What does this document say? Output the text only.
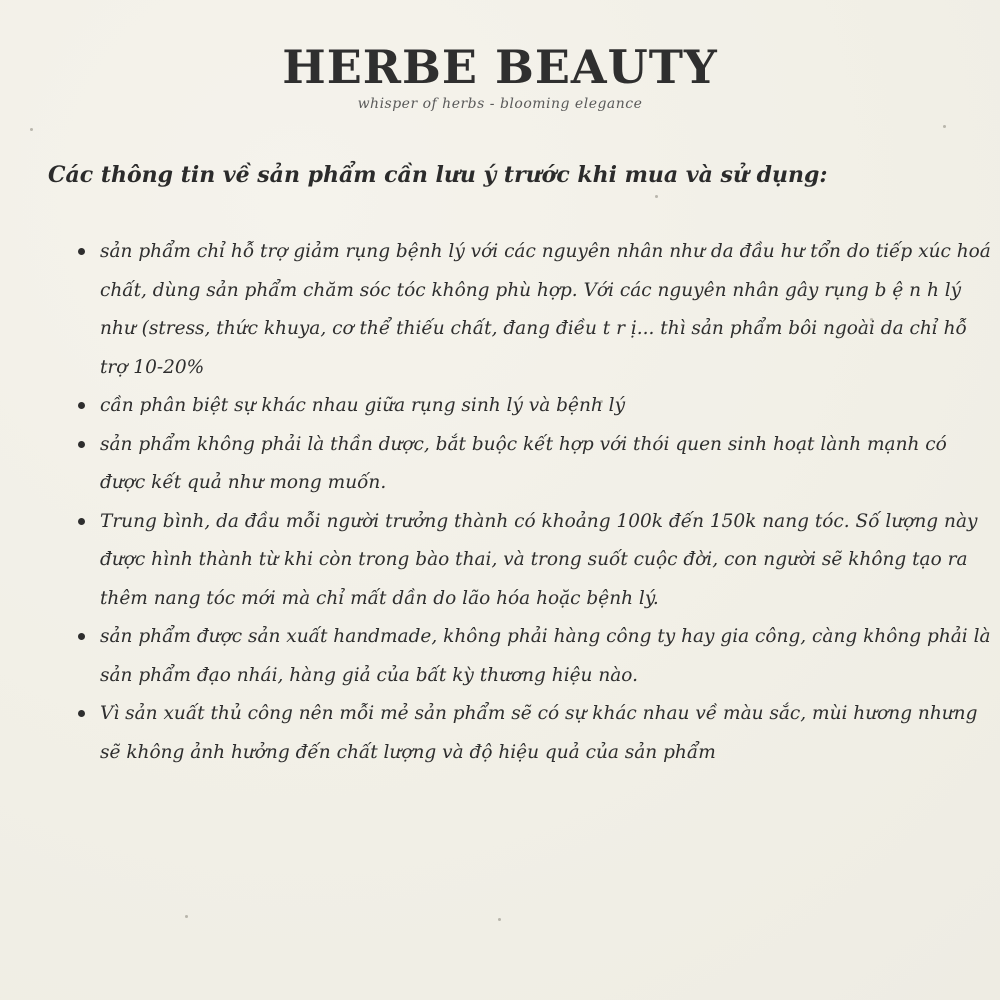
HERBE BEAUTY
whisper of herbs - blooming elegance
Các thông tin về sản phẩm cần lưu ý trước khi mua và sử dụng:
sản phẩm chỉ hỗ trợ giảm rụng bệnh lý với các nguyên nhân như da đầu hư tổn do tiếp xúc hoá chất, dùng sản phẩm chăm sóc tóc không phù hợp. Với các nguyên nhân gây rụng b ệ n h lý như (stress, thức khuya, cơ thể thiếu chất, đang điều t r ị... thì sản phẩm bôi ngoài da chỉ hỗ trợ 10-20%
cần phân biệt sự khác nhau giữa rụng sinh lý và bệnh lý
sản phẩm không phải là thần dược, bắt buộc kết hợp với thói quen sinh hoạt lành mạnh có được kết quả như mong muốn.
Trung bình, da đầu mỗi người trưởng thành có khoảng 100k đến 150k nang tóc. Số lượng này được hình thành từ khi còn trong bào thai, và trong suốt cuộc đời, con người sẽ không tạo ra thêm nang tóc mới mà chỉ mất dần do lão hóa hoặc bệnh lý.
sản phẩm được sản xuất handmade, không phải hàng công ty hay gia công, càng không phải là sản phẩm đạo nhái, hàng giả của bất kỳ thương hiệu nào.
Vì sản xuất thủ công nên mỗi mẻ sản phẩm sẽ có sự khác nhau về màu sắc, mùi hương nhưng sẽ không ảnh hưởng đến chất lượng và độ hiệu quả của sản phẩm
